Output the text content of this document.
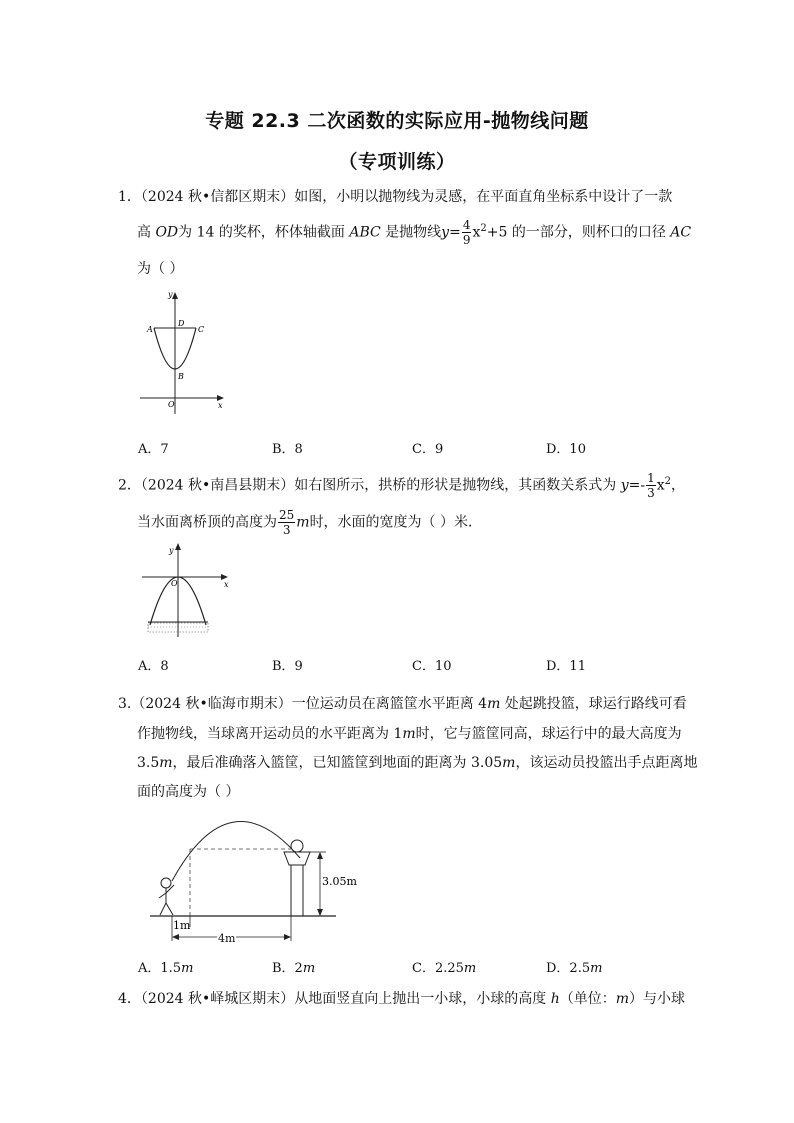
专题 22.3 二次函数的实际应用-抛物线问题
（专项训练）
1．（2024 秋•信都区期末）如图，小明以抛物线为灵感，在平面直角坐标系中设计了一款
高 OD为 14 的奖杯，杯体轴截面 ABC 是抛物线$y= \frac{4}{9} x^2+5$ 的一部分，则杯口的口径 AC
为（ ）
y
x
A	C
D
B
O
A．7	B．8	C．9	D．10
2．（2024 秋•南昌县期末）如右图所示，拱桥的形状是抛物线，其函数关系式为 $y=- \frac{1}{3} x^2$，
当水面离桥顶的高度为 $\frac{25}{3}$ m时，水面的宽度为（ ）米．
y
x
O
A．8	B．9	C．10	D．11
3.（2024 秋•临海市期末）一位运动员在离篮筐水平距离 4m 处起跳投篮，球运行路线可看
作抛物线，当球离开运动员的水平距离为 1m时，它与篮筐同高，球运行中的最大高度为
3.5m，最后准确落入篮筐，已知篮筐到地面的距离为 3.05m，该运动员投篮出手点距离地
面的高度为（ ）
3.05m
1m
4m
A．1.5m	B．2m	C．2.25m	D．2.5m
4．（2024 秋•峄城区期末）从地面竖直向上抛出一小球，小球的高度 h（单位：m）与小球
